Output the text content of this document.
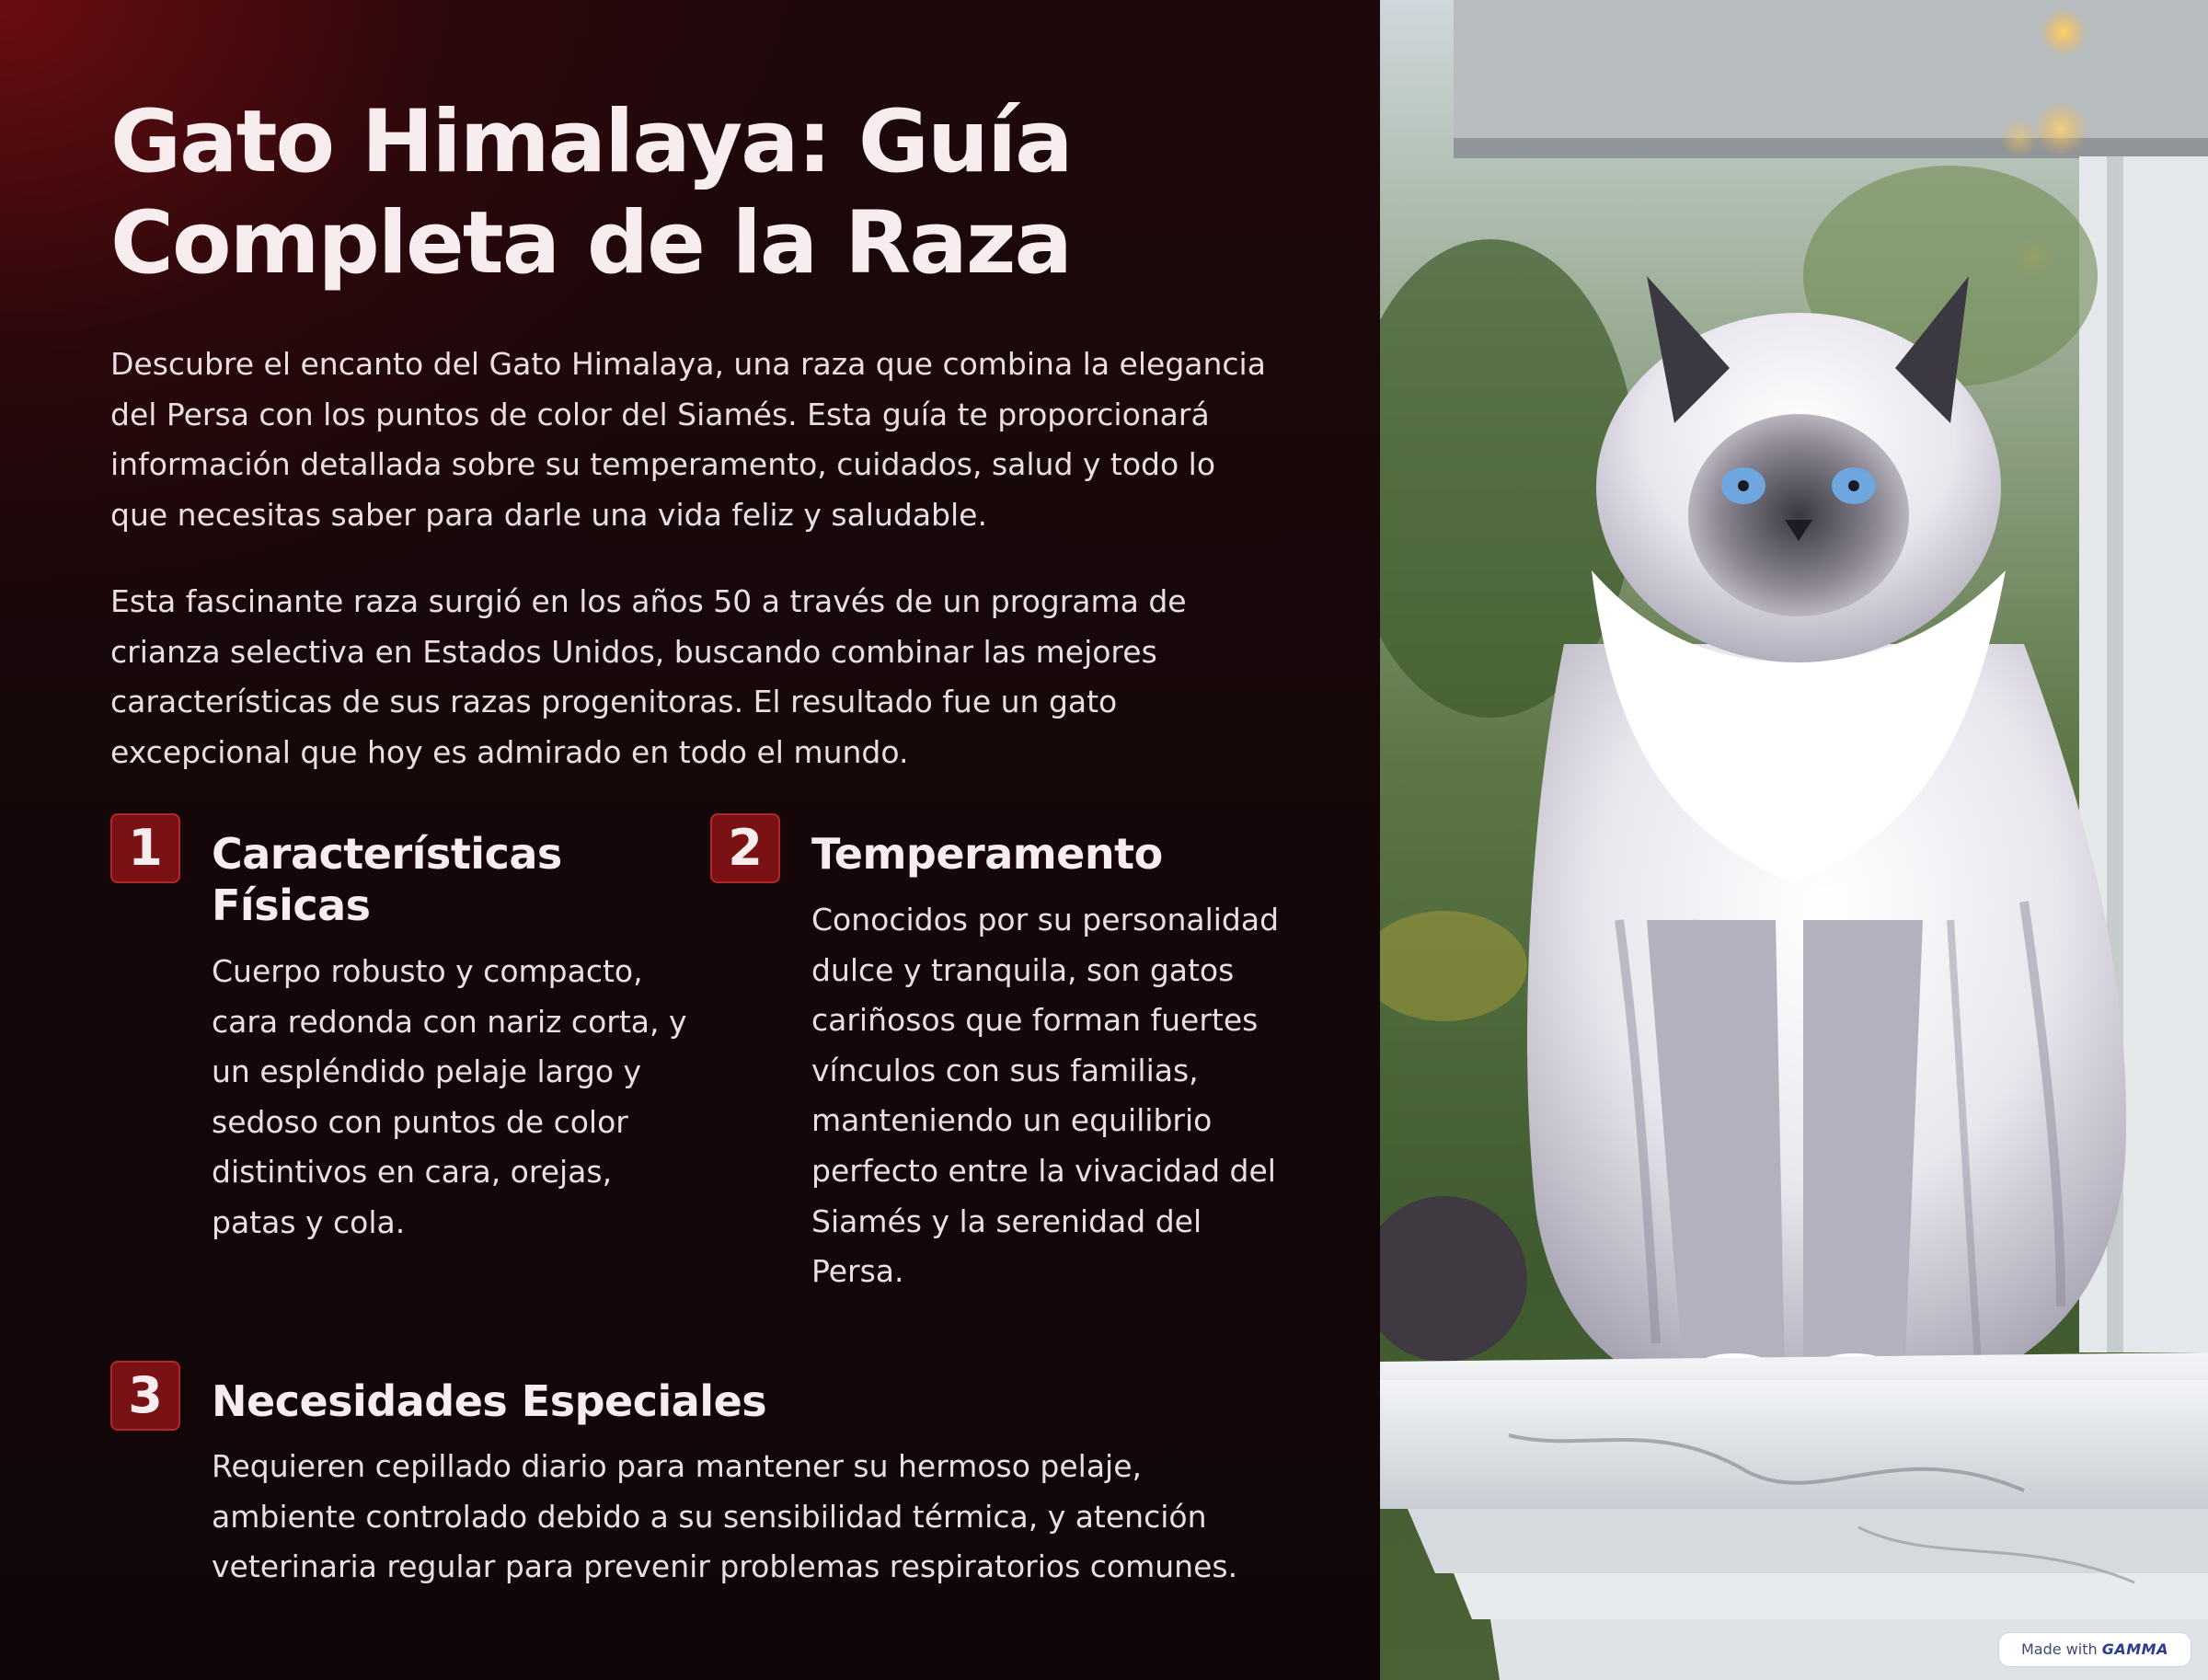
Gato Himalaya: Guía
Completa de la Raza

Descubre el encanto del Gato Himalaya, una raza que combina la elegancia del Persa con los puntos de color del Siamés. Esta guía te proporcionará información detallada sobre su temperamento, cuidados, salud y todo lo que necesitas saber para darle una vida feliz y saludable.

Esta fascinante raza surgió en los años 50 a través de un programa de crianza selectiva en Estados Unidos, buscando combinar las mejores características de sus razas progenitoras. El resultado fue un gato excepcional que hoy es admirado en todo el mundo.

1	Características
Físicas

Cuerpo robusto y compacto, cara redonda con nariz corta, y un espléndido pelaje largo y sedoso con puntos de color distintivos en cara, orejas, patas y cola.

2	Temperamento

Conocidos por su personalidad dulce y tranquila, son gatos cariñosos que forman fuertes vínculos con sus familias, manteniendo un equilibrio perfecto entre la vivacidad del Siamés y la serenidad del Persa.

3	Necesidades Especiales

Requieren cepillado diario para mantener su hermoso pelaje, ambiente controlado debido a su sensibilidad térmica, y atención veterinaria regular para prevenir problemas respiratorios comunes.

Made with GAMMA
